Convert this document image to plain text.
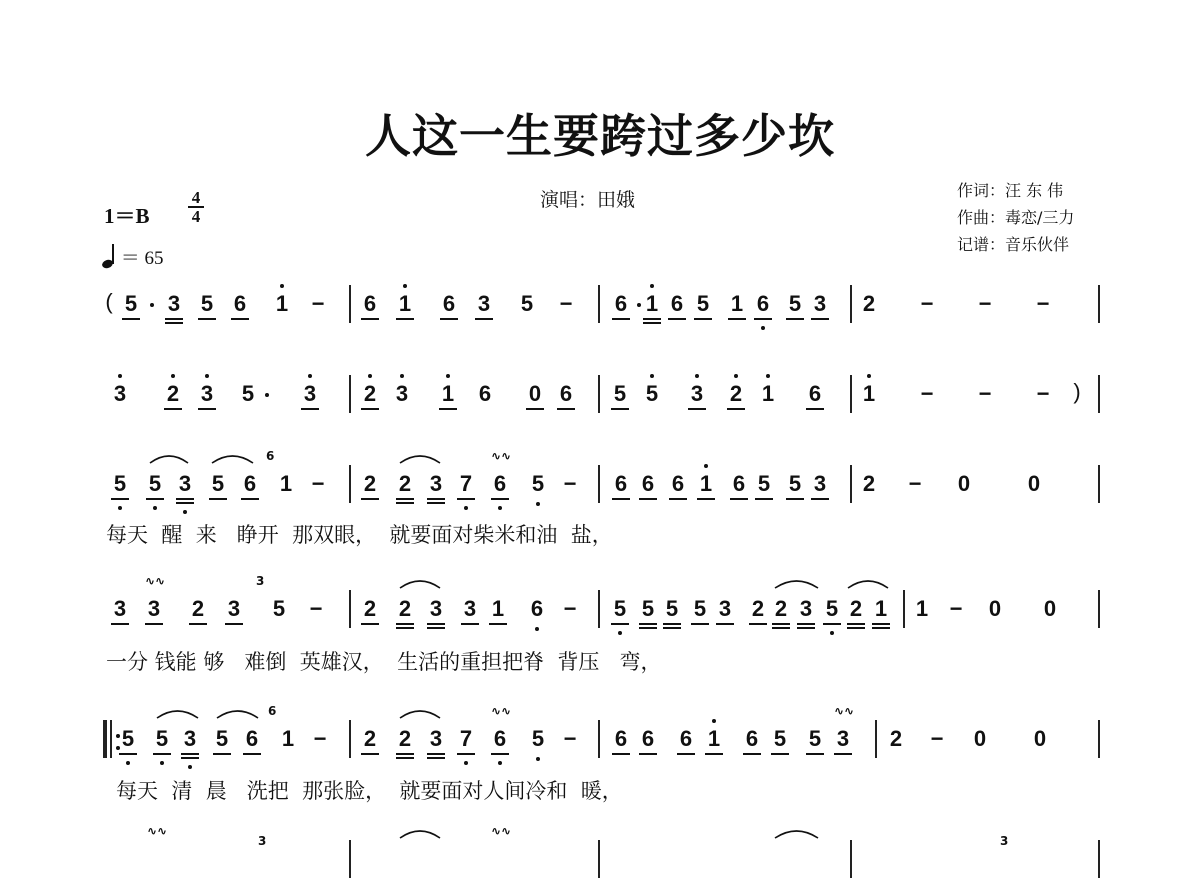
人这一生要跨过多少坎
演唱：田娥	作词：汪 东 伟
作曲：毒恋/三力
记谱：音乐伙伴
1＝B
4
4
＝ 65
( 5 3 5 6 1 − 6 1 6 3 5 − 6 1 6 5 1 6 5 3 2 − − −
3 2 3 5 3 2 3 1 6 0 6 5 5 3 2 1 6 1 − − − )
5 5 3 5 6
6
1 − 2 2 3 7
∿∿
6 5 − 6 6 6 1 6 5 5 3 2 − 0	0
3
∿∿
3 2 3
3
5 − 2 2 3 3 1 6 − 5 5 5 5 3 2 2 3 5 2 1 1 − 0 0
5 5 3 5 6
6
1 − 2 2 3 7
∿∿
6 5 − 6 6 6 1 6 5 5
∿∿
3 2 − 0 0
∿∿
3
∿∿
3
每天  醒  来   睁开  那双眼，  就要面对柴米和油  盐，
一分 钱能 够   难倒  英雄汉，  生活的重担把脊  背压   弯，
每天  清  晨   洗把  那张脸，  就要面对人间冷和  暖，
